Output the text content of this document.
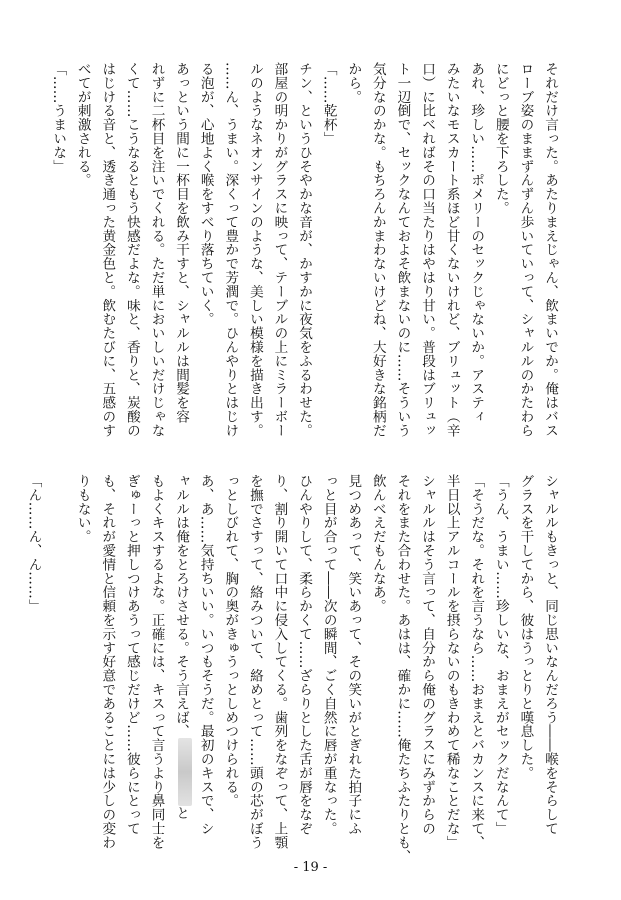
それだけ言った。あたりまえじゃん、飲まいでか。俺はバス
ローブ姿のままずんずん歩いていって、シャルルのかたわら
にどっと腰を下ろした。
あれ、珍しい……ポメリーのセックじゃないか。アスティ
みたいなモスカート系ほど甘くないけれど、ブリュット（辛
口）に比べればその口当たりはやはり甘い。普段はブリュッ
ト一辺倒で、セックなんておよそ飲まないのに……そういう
気分なのかな。もちろんかまわないけどね、大好きな銘柄だ
から。
「……乾杯」
チン、というひそやかな音が、かすかに夜気をふるわせた。
部屋の明かりがグラスに映って、テーブルの上にミラーボー
ルのようなネオンサインのような、美しい模様を描き出す。
……ん、うまい。深くって豊かで芳潤で。ひんやりとはじけ
る泡が、心地よく喉をすべり落ちていく。
あっという間に一杯目を飲み干すと、シャルルは間髪を容
れずに二杯目を注いでくれる。ただ単においしいだけじゃな
くて……こうなるともう快感だよな。味と、香りと、炭酸の
はじける音と、透き通った黄金色と。飲むたびに、五感のす
べてが刺激される。
「……うまいな」
シャルルもきっと、同じ思いなんだろう――喉をそらして
グラスを干してから、彼はうっとりと嘆息した。
「うん、うまい……珍しいな、おまえがセックだなんて」
「そうだな。それを言うなら……おまえとバカンスに来て、
半日以上アルコールを摂らないのもきわめて稀なことだな」
シャルルはそう言って、自分から俺のグラスにみずからの
それをまた合わせた。あはは、確かに……俺たちふたりとも、
飲んべえだもんなあ。
見つめあって、笑いあって、その笑いがとぎれた拍子にふ
っと目が合って――次の瞬間、ごく自然に唇が重なった。
ひんやりして、柔らかくて……ざらりとした舌が唇をなぞ
り、割り開いて口中に侵入してくる。歯列をなぞって、上顎
を撫でさすって、絡みついて、絡めとって……頭の芯がぼう
っとしびれて、胸の奥がきゅうっとしめつけられる。
あ、あ……気持ちいい。いつもそうだ。最初のキスで、シ
ャルルは俺をとろけさせる。そう言えば、と
もよくキスするよな。正確には、キスって言うより鼻同士を
ぎゅーっと押しつけあうって感じだけど……彼らにとって
も、それが愛情と信頼を示す好意であることには少しの変わ
りもない。
「ん……ん、ん……」
- 19 -
